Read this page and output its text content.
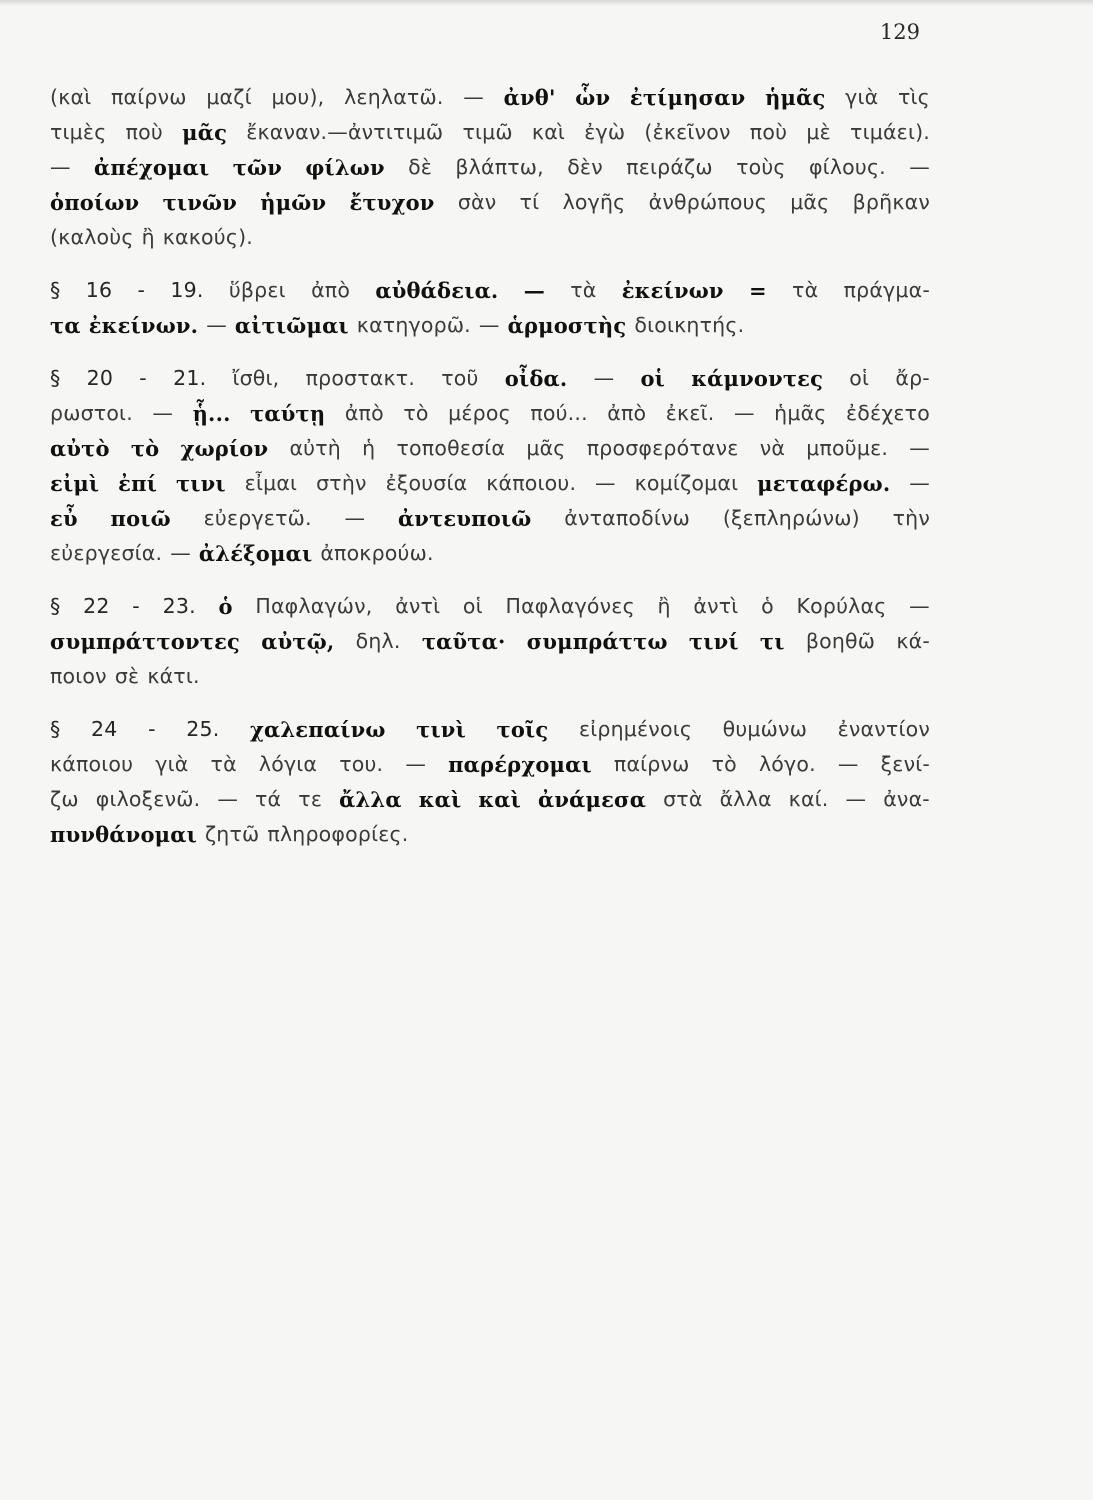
129
(καὶ παίρνω μαζί μου), λεηλατῶ. — ἀνθ' ὧν ἐτίμησαν ἡμᾶς γιὰ τὶς
τιμὲς ποὺ μᾶς ἔκαναν.—ἀντιτιμῶ τιμῶ καὶ ἐγὼ (ἐκεῖνον ποὺ μὲ τιμάει).
— ἀπέχομαι τῶν φίλων δὲ βλάπτω, δὲν πειράζω τοὺς φίλους. —
ὁποίων τινῶν ἡμῶν ἔτυχον σὰν τί λογῆς ἀνθρώπους μᾶς βρῆκαν
(καλοὺς ἢ κακούς).
§ 16 - 19. ὕβρει ἀπὸ αὐθάδεια. — τὰ ἐκείνων = τὰ πράγμα-
τα ἐκείνων. — αἰτιῶμαι κατηγορῶ. — ἁρμοστὴς διοικητής.
§ 20 - 21. ἴσθι, προστακτ. τοῦ οἶδα. — οἱ κάμνοντες οἱ ἄρ-
ρωστοι. — ᾗ... ταύτῃ ἀπὸ τὸ μέρος πού... ἀπὸ ἐκεῖ. — ἡμᾶς ἐδέχετο
αὐτὸ τὸ χωρίον αὐτὴ ἡ τοποθεσία μᾶς προσφερότανε νὰ μποῦμε. —
εἰμὶ ἐπί τινι εἶμαι στὴν ἐξουσία κάποιου. — κομίζομαι μεταφέρω. —
εὖ ποιῶ εὐεργετῶ. — ἀντευποιῶ ἀνταποδίνω (ξεπληρώνω) τὴν
εὐεργεσία. — ἀλέξομαι ἀποκρούω.
§ 22 - 23. ὁ Παφλαγών, ἀντὶ οἱ Παφλαγόνες ἢ ἀντὶ ὁ Κορύλας —
συμπράττοντες αὐτῷ, δηλ. ταῦτα· συμπράττω τινί τι βοηθῶ κά-
ποιον σὲ κάτι.
§ 24 - 25. χαλεπαίνω τινὶ τοῖς εἰρημένοις θυμώνω ἐναντίον
κάποιου γιὰ τὰ λόγια του. — παρέρχομαι παίρνω τὸ λόγο. — ξενί-
ζω φιλοξενῶ. — τά τε ἄλλα καὶ καὶ ἀνάμεσα στὰ ἄλλα καί. — ἀνα-
πυνθάνομαι ζητῶ πληροφορίες.
